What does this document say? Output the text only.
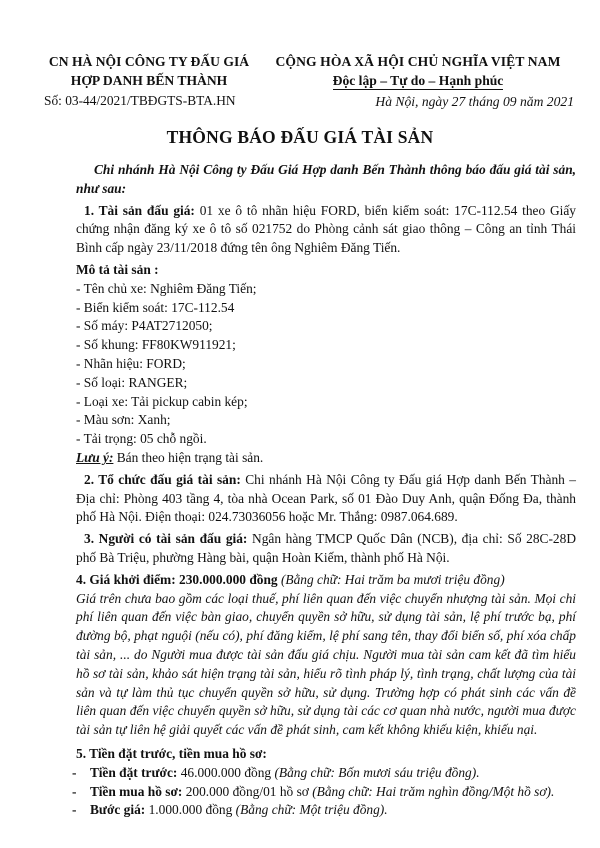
CN HÀ NỘI CÔNG TY ĐẤU GIÁ
HỢP DANH BẾN THÀNH
Số: 03-44/2021/TBĐGTS-BTA.HN
CỘNG HÒA XÃ HỘI CHỦ NGHĨA VIỆT NAM
Độc lập – Tự do – Hạnh phúc
Hà Nội, ngày 27 tháng 09 năm 2021
THÔNG BÁO ĐẤU GIÁ TÀI SẢN

Chi nhánh Hà Nội Công ty Đấu Giá Hợp danh Bến Thành thông báo đấu giá tài sản, như sau:

1. Tài sản đấu giá: 01 xe ô tô nhãn hiệu FORD, biển kiểm soát: 17C-112.54 theo Giấy chứng nhận đăng ký xe ô tô số 021752 do Phòng cảnh sát giao thông – Công an tỉnh Thái Bình cấp ngày 23/11/2018 đứng tên ông Nghiêm Đăng Tiến.

Mô tả tài sản :

- Tên chủ xe: Nghiêm Đăng Tiến;

- Biển kiểm soát: 17C-112.54

- Số máy: P4AT2712050;

- Số khung: FF80KW911921;

- Nhãn hiệu: FORD;

- Số loại: RANGER;

- Loại xe: Tải pickup cabin kép;

- Màu sơn: Xanh;

- Tải trọng: 05 chỗ ngồi.

Lưu ý: Bán theo hiện trạng tài sản.

2. Tổ chức đấu giá tài sản: Chi nhánh Hà Nội Công ty Đấu giá Hợp danh Bến Thành – Địa chỉ: Phòng 403 tầng 4, tòa nhà Ocean Park, số 01 Đào Duy Anh, quận Đống Đa, thành phố Hà Nội. Điện thoại: 024.73036056 hoặc Mr. Thắng: 0987.064.689.

3. Người có tài sản đấu giá: Ngân hàng TMCP Quốc Dân (NCB), địa chỉ: Số 28C-28D phố Bà Triệu, phường Hàng bài, quận Hoàn Kiếm, thành phố Hà Nội.

4. Giá khởi điểm: 230.000.000 đồng (Bằng chữ: Hai trăm ba mươi triệu đồng)

Giá trên chưa bao gồm các loại thuế, phí liên quan đến việc chuyển nhượng tài sản. Mọi chi phí liên quan đến việc bàn giao, chuyển quyền sở hữu, sử dụng tài sản, lệ phí trước bạ, phí đường bộ, phạt nguội (nếu có), phí đăng kiểm, lệ phí sang tên, thay đổi biển số, phí xóa chấp tài sản, ... do Người mua được tài sản đấu giá chịu. Người mua tài sản cam kết đã tìm hiểu hồ sơ tài sản, khảo sát hiện trạng tài sản, hiểu rõ tình pháp lý, tình trạng, chất lượng của tài sản và tự làm thủ tục chuyển quyền sở hữu, sử dụng. Trường hợp có phát sinh các vấn đề liên quan đến việc chuyển quyền sở hữu, sử dụng tài các cơ quan nhà nước, người mua được tài sản tự liên hệ giải quyết các vấn đề phát sinh, cam kết không khiếu kiện, khiếu nại.

5. Tiền đặt trước, tiền mua hồ sơ:

- Tiền đặt trước: 46.000.000 đồng (Bằng chữ: Bốn mươi sáu triệu đồng).

- Tiền mua hồ sơ: 200.000 đồng/01 hồ sơ (Bằng chữ: Hai trăm nghìn đồng/Một hồ sơ).

- Bước giá: 1.000.000 đồng (Bằng chữ: Một triệu đồng).
